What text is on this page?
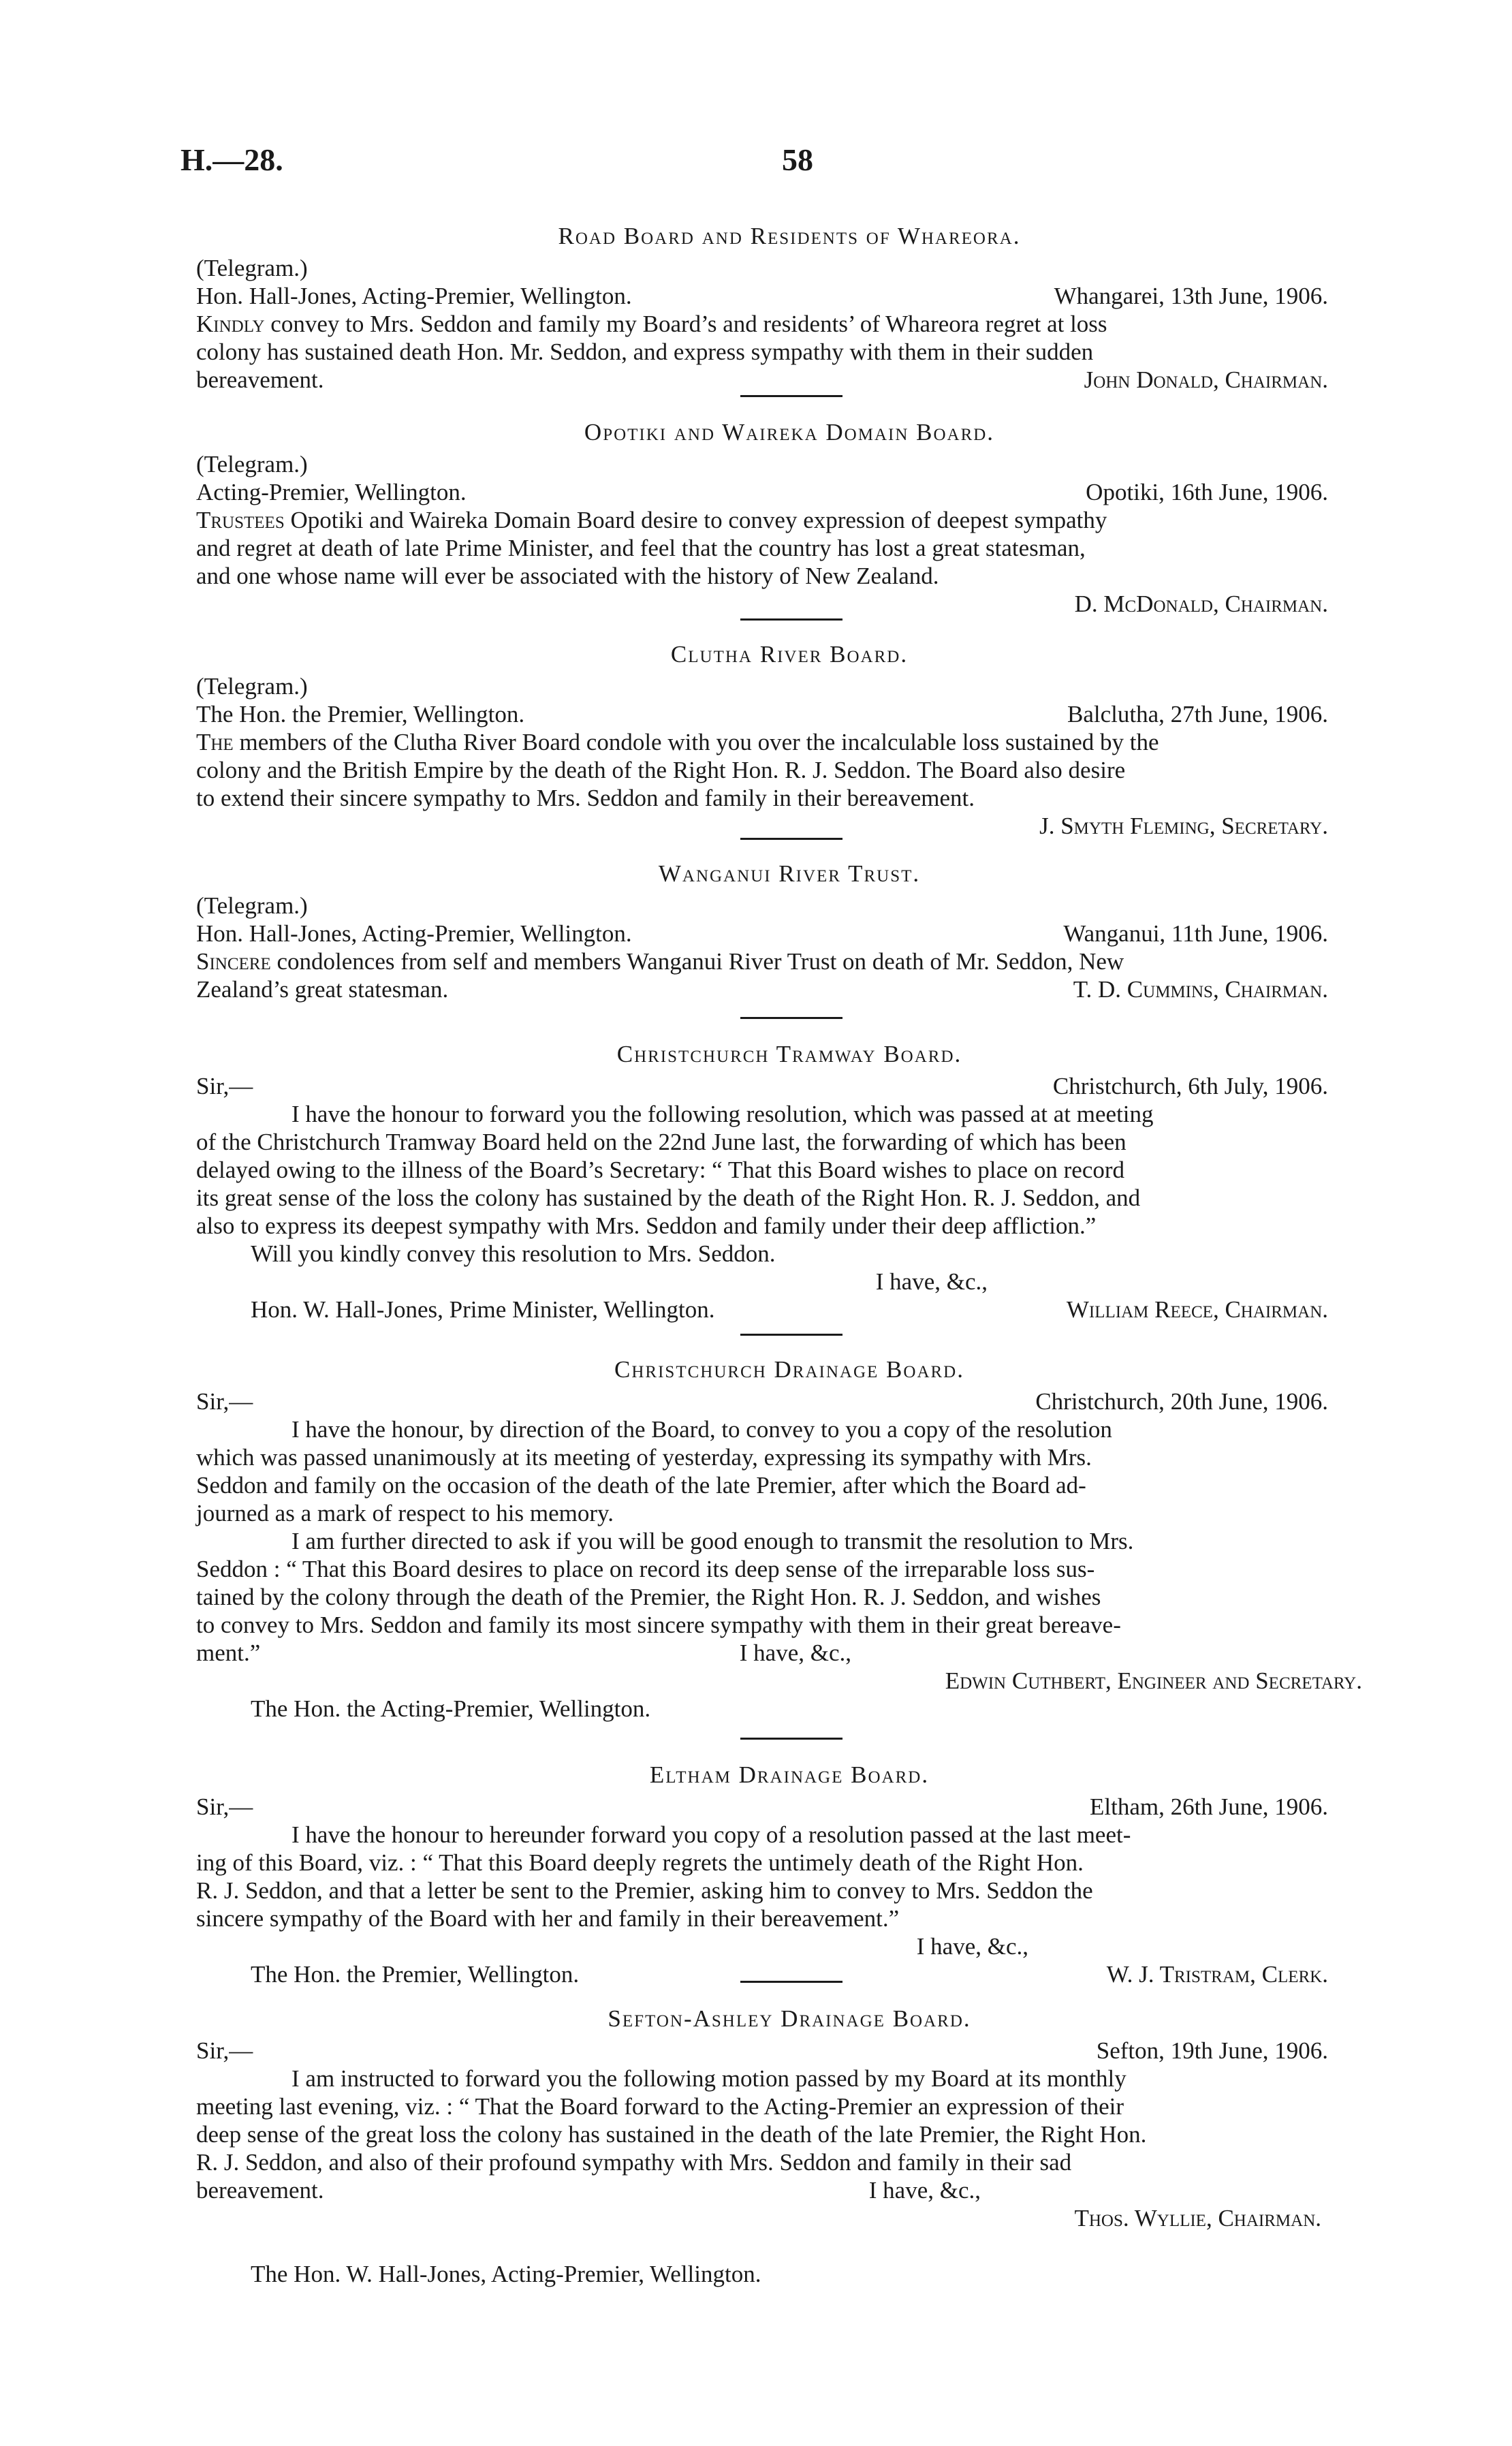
H.—28.	58
Road Board and Residents of Whareora.
(Telegram.)
Hon. Hall-Jones, Acting-Premier, Wellington.	Whangarei, 13th June, 1906.
Kindly convey to Mrs. Seddon and family my Board’s and residents’ of Whareora regret at loss
colony has sustained death Hon. Mr. Seddon, and express sympathy with them in their sudden
bereavement.	John Donald, Chairman.
Opotiki and Waireka Domain Board.
(Telegram.)
Acting-Premier, Wellington.	Opotiki, 16th June, 1906.
Trustees Opotiki and Waireka Domain Board desire to convey expression of deepest sympathy
and regret at death of late Prime Minister, and feel that the country has lost a great statesman,
and one whose name will ever be associated with the history of New Zealand.
D. McDonald, Chairman.
Clutha River Board.
(Telegram.)
The Hon. the Premier, Wellington.	Balclutha, 27th June, 1906.
The members of the Clutha River Board condole with you over the incalculable loss sustained by the
colony and the British Empire by the death of the Right Hon. R. J. Seddon. The Board also desire
to extend their sincere sympathy to Mrs. Seddon and family in their bereavement.
J. Smyth Fleming, Secretary.
Wanganui River Trust.
(Telegram.)
Hon. Hall-Jones, Acting-Premier, Wellington.	Wanganui, 11th June, 1906.
Sincere condolences from self and members Wanganui River Trust on death of Mr. Seddon, New
Zealand’s great statesman.	T. D. Cummins, Chairman.
Christchurch Tramway Board.
Sir,—	Christchurch, 6th July, 1906.
I have the honour to forward you the following resolution, which was passed at at meeting
of the Christchurch Tramway Board held on the 22nd June last, the forwarding of which has been
delayed owing to the illness of the Board’s Secretary: “ That this Board wishes to place on record
its great sense of the loss the colony has sustained by the death of the Right Hon. R. J. Seddon, and
also to express its deepest sympathy with Mrs. Seddon and family under their deep affliction.”
Will you kindly convey this resolution to Mrs. Seddon.
I have, &c.,
Hon. W. Hall-Jones, Prime Minister, Wellington.	William Reece, Chairman.
Christchurch Drainage Board.
Sir,—	Christchurch, 20th June, 1906.
I have the honour, by direction of the Board, to convey to you a copy of the resolution
which was passed unanimously at its meeting of yesterday, expressing its sympathy with Mrs.
Seddon and family on the occasion of the death of the late Premier, after which the Board ad-
journed as a mark of respect to his memory.
I am further directed to ask if you will be good enough to transmit the resolution to Mrs.
Seddon : “ That this Board desires to place on record its deep sense of the irreparable loss sus-
tained by the colony through the death of the Premier, the Right Hon. R. J. Seddon, and wishes
to convey to Mrs. Seddon and family its most sincere sympathy with them in their great bereave-
ment.”	I have, &c.,
Edwin Cuthbert, Engineer and Secretary.
The Hon. the Acting-Premier, Wellington.
Eltham Drainage Board.
Sir,—	Eltham, 26th June, 1906.
I have the honour to hereunder forward you copy of a resolution passed at the last meet-
ing of this Board, viz. : “ That this Board deeply regrets the untimely death of the Right Hon.
R. J. Seddon, and that a letter be sent to the Premier, asking him to convey to Mrs. Seddon the
sincere sympathy of the Board with her and family in their bereavement.”
I have, &c.,
The Hon. the Premier, Wellington.	W. J. Tristram, Clerk.
Sefton-Ashley Drainage Board.
Sir,—	Sefton, 19th June, 1906.
I am instructed to forward you the following motion passed by my Board at its monthly
meeting last evening, viz. : “ That the Board forward to the Acting-Premier an expression of their
deep sense of the great loss the colony has sustained in the death of the late Premier, the Right Hon.
R. J. Seddon, and also of their profound sympathy with Mrs. Seddon and family in their sad
bereavement.	I have, &c.,
Thos. Wyllie, Chairman.
The Hon. W. Hall-Jones, Acting-Premier, Wellington.
